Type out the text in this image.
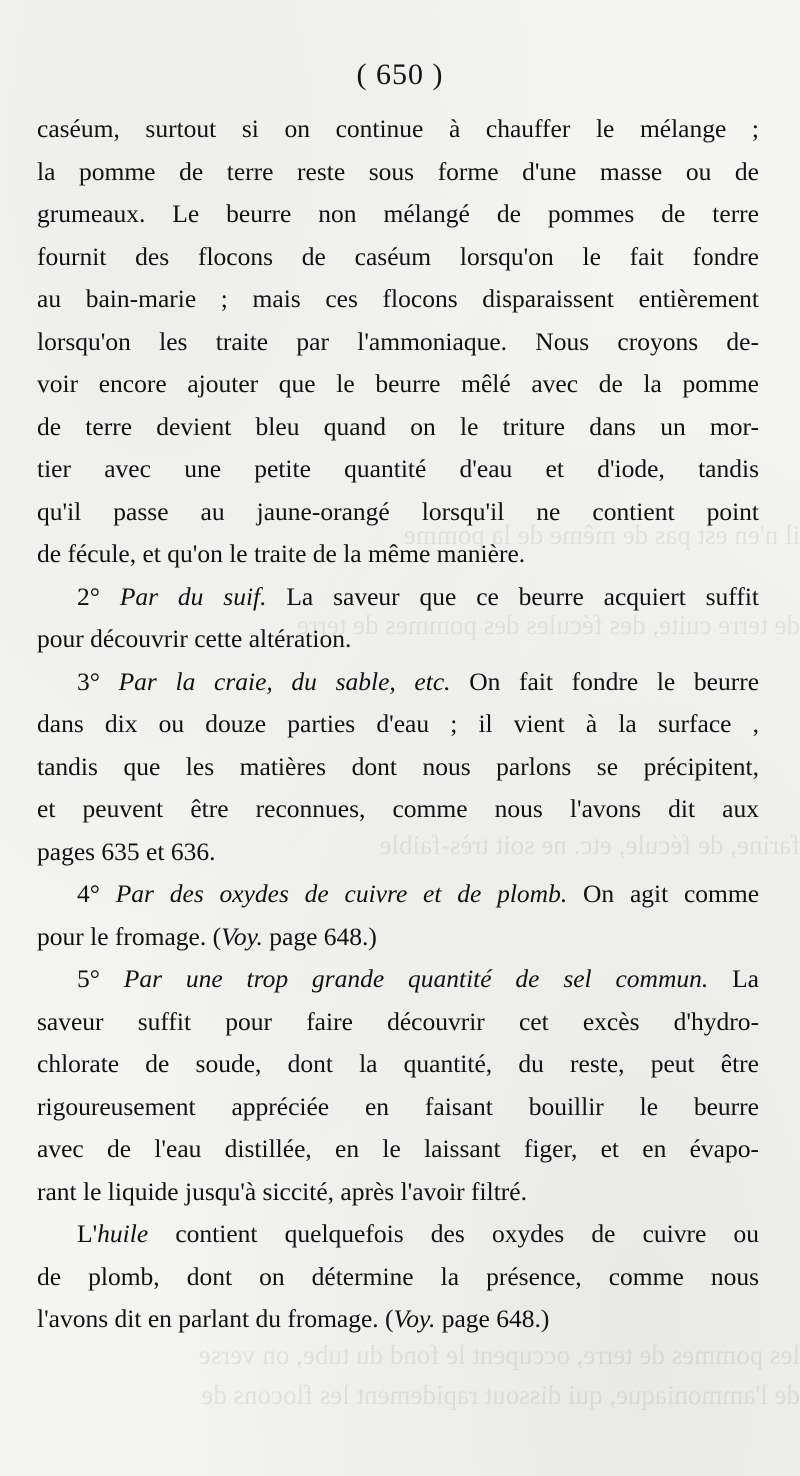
il n'en est pas de même de la pomme
de terre cuite, des fécules des pommes de terre
farine, de fécule, etc. ne soit très-faible
les pommes de terre, occupent le fond du tube, on verse
de l'ammoniaque, qui dissout rapidement les flocons de
( 650 )
caséum, surtout si on continue à chauffer le mélange ;
la pomme de terre reste sous forme d'une masse ou de
grumeaux. Le beurre non mélangé de pommes de terre
fournit des flocons de caséum lorsqu'on le fait fondre
au bain-marie ; mais ces flocons disparaissent entièrement
lorsqu'on les traite par l'ammoniaque. Nous croyons de-
voir encore ajouter que le beurre mêlé avec de la pomme
de terre devient bleu quand on le triture dans un mor-
tier avec une petite quantité d'eau et d'iode, tandis
qu'il passe au jaune-orangé lorsqu'il ne contient point
de fécule, et qu'on le traite de la même manière.
2° Par du suif. La saveur que ce beurre acquiert suffit
pour découvrir cette altération.
3° Par la craie, du sable, etc. On fait fondre le beurre
dans dix ou douze parties d'eau ; il vient à la surface ,
tandis que les matières dont nous parlons se précipitent,
et peuvent être reconnues, comme nous l'avons dit aux
pages 635 et 636.
4° Par des oxydes de cuivre et de plomb. On agit comme
pour le fromage. (Voy. page 648.)
5° Par une trop grande quantité de sel commun. La
saveur suffit pour faire découvrir cet excès d'hydro-
chlorate de soude, dont la quantité, du reste, peut être
rigoureusement appréciée en faisant bouillir le beurre
avec de l'eau distillée, en le laissant figer, et en évapo-
rant le liquide jusqu'à siccité, après l'avoir filtré.
L'huile contient quelquefois des oxydes de cuivre ou
de plomb, dont on détermine la présence, comme nous
l'avons dit en parlant du fromage. (Voy. page 648.)
